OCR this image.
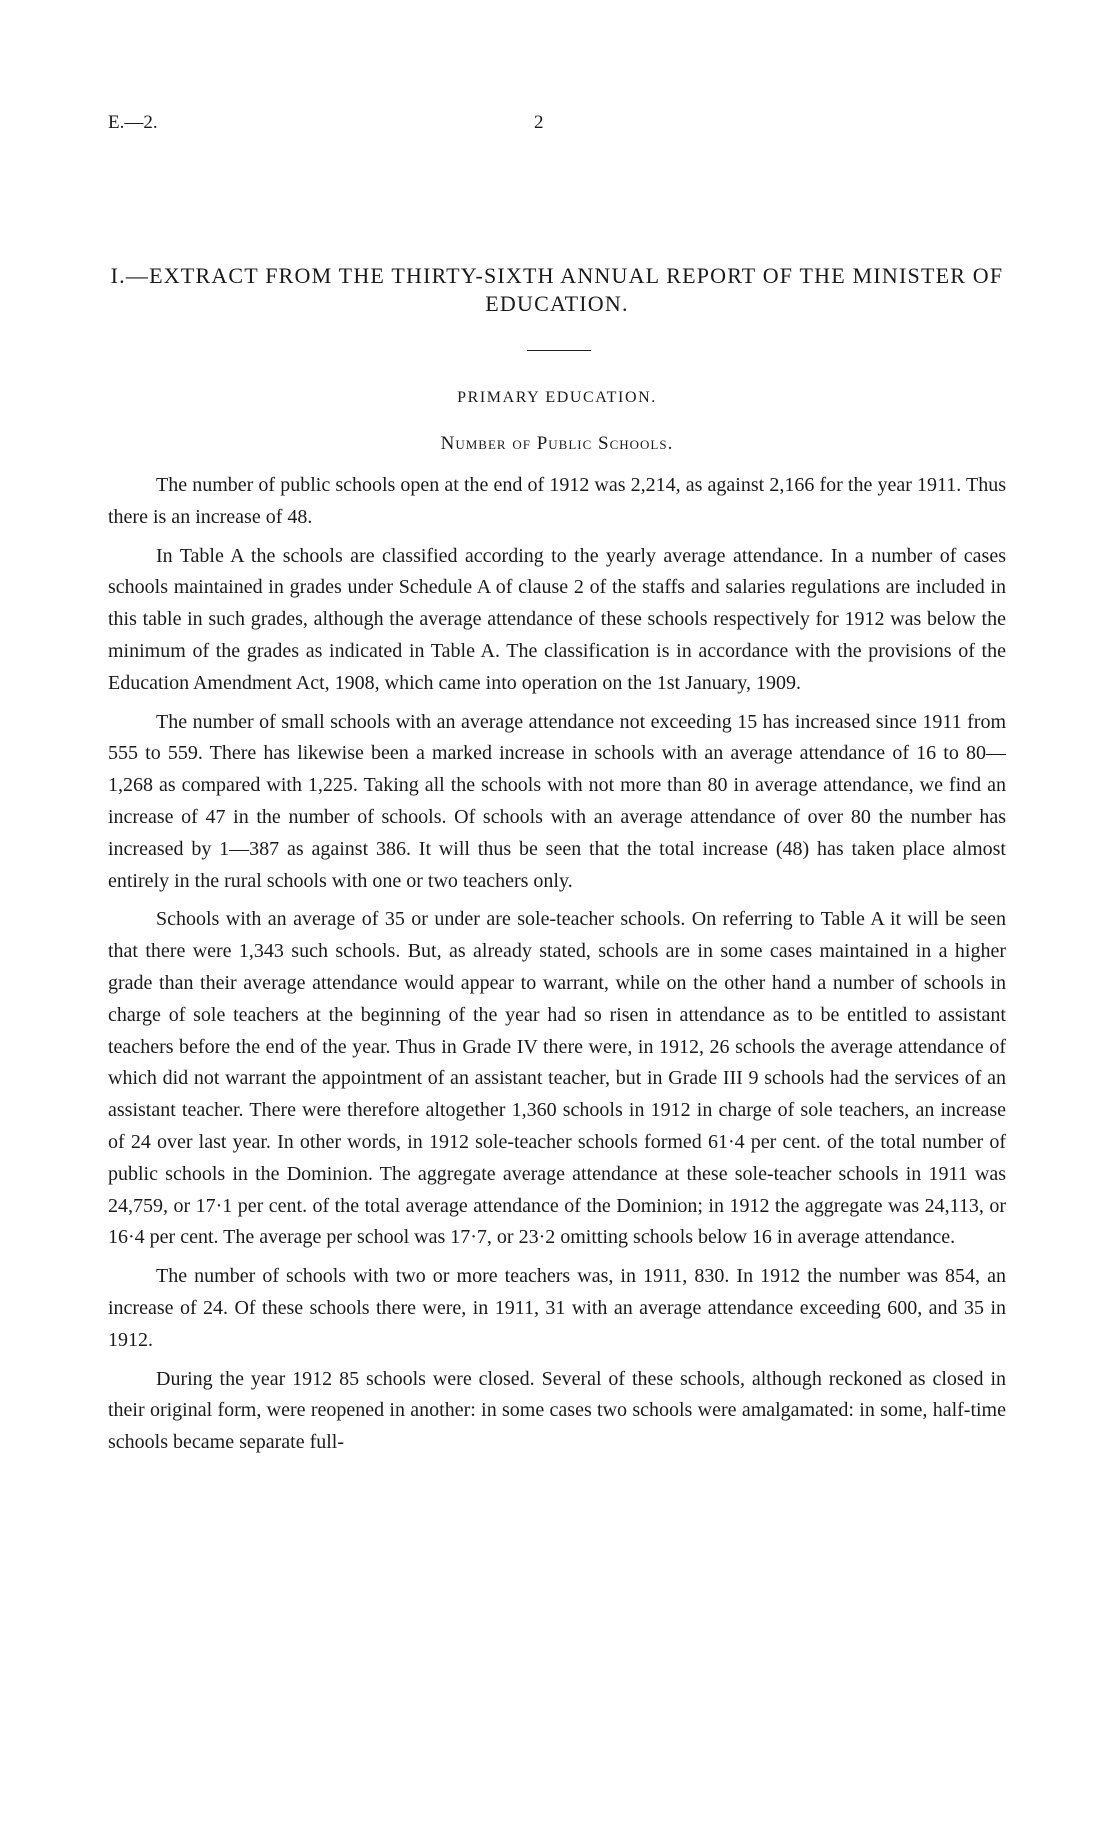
E.—2.	2
I.—EXTRACT FROM THE THIRTY-SIXTH ANNUAL REPORT OF THE MINISTER OF EDUCATION.
PRIMARY EDUCATION.
Number of Public Schools.

The number of public schools open at the end of 1912 was 2,214, as against 2,166 for the year 1911. Thus there is an increase of 48.

In Table A the schools are classified according to the yearly average attendance. In a number of cases schools maintained in grades under Schedule A of clause 2 of the staffs and salaries regulations are included in this table in such grades, although the average attendance of these schools respectively for 1912 was below the minimum of the grades as indicated in Table A. The classification is in accordance with the provisions of the Education Amendment Act, 1908, which came into operation on the 1st January, 1909.

The number of small schools with an average attendance not exceeding 15 has increased since 1911 from 555 to 559. There has likewise been a marked increase in schools with an average attendance of 16 to 80—1,268 as compared with 1,225. Taking all the schools with not more than 80 in average attendance, we find an increase of 47 in the number of schools. Of schools with an average attendance of over 80 the number has increased by 1—387 as against 386. It will thus be seen that the total increase (48) has taken place almost entirely in the rural schools with one or two teachers only.

Schools with an average of 35 or under are sole-teacher schools. On referring to Table A it will be seen that there were 1,343 such schools. But, as already stated, schools are in some cases maintained in a higher grade than their average attendance would appear to warrant, while on the other hand a number of schools in charge of sole teachers at the beginning of the year had so risen in attendance as to be entitled to assistant teachers before the end of the year. Thus in Grade IV there were, in 1912, 26 schools the average attendance of which did not warrant the appointment of an assistant teacher, but in Grade III 9 schools had the services of an assistant teacher. There were therefore altogether 1,360 schools in 1912 in charge of sole teachers, an increase of 24 over last year. In other words, in 1912 sole-teacher schools formed 61·4 per cent. of the total number of public schools in the Dominion. The aggregate average attendance at these sole-teacher schools in 1911 was 24,759, or 17·1 per cent. of the total average attendance of the Dominion; in 1912 the aggregate was 24,113, or 16·4 per cent. The average per school was 17·7, or 23·2 omitting schools below 16 in average attendance.

The number of schools with two or more teachers was, in 1911, 830. In 1912 the number was 854, an increase of 24. Of these schools there were, in 1911, 31 with an average attendance exceeding 600, and 35 in 1912.

During the year 1912 85 schools were closed. Several of these schools, although reckoned as closed in their original form, were reopened in another: in some cases two schools were amalgamated: in some, half-time schools became separate full-
